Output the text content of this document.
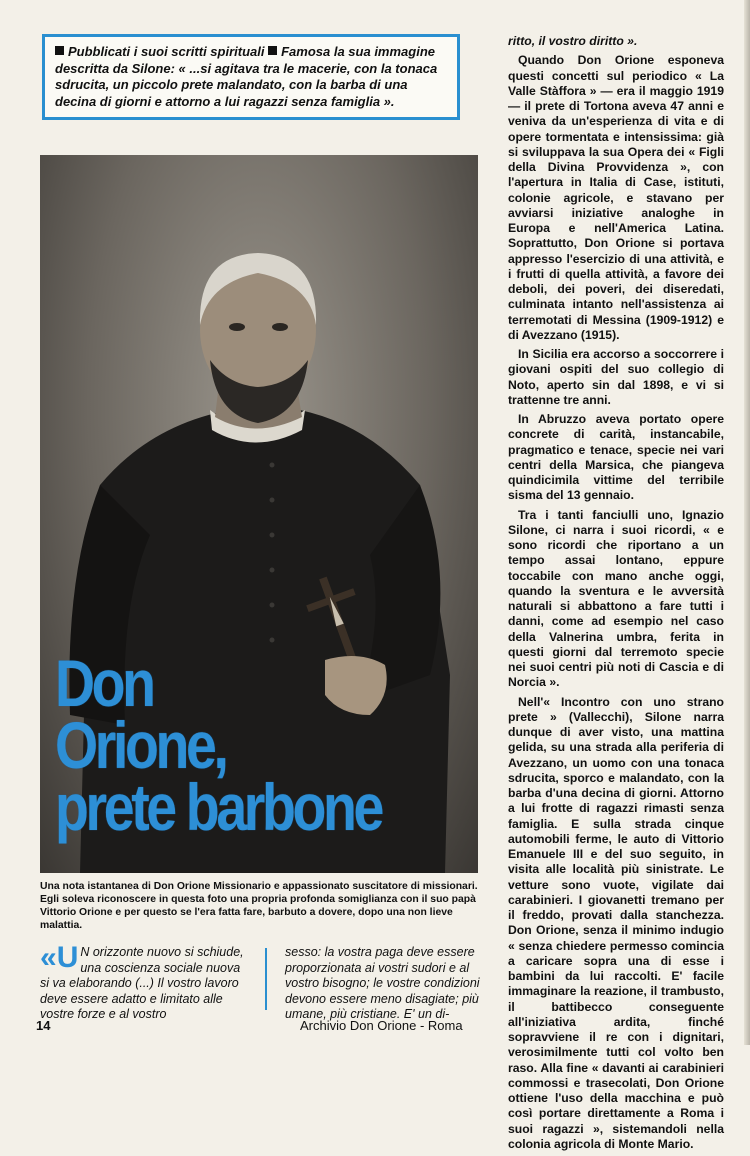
Pubblicati i suoi scritti spirituali Famosa la sua immagine descritta da Silone: « ...si agitava tra le macerie, con la tonaca sdrucita, un piccolo prete malandato, con la barba di una decina di giorni e attorno a lui ragazzi senza famiglia ».
Don
Orione,
prete barbone
Una nota istantanea di Don Orione Missionario e appassionato suscitatore di missionari. Egli soleva riconoscere in questa foto una propria profonda somiglianza con il suo papà Vittorio Orione e per questo se l'era fatta fare, barbuto a dovere, dopo una non lieve malattia.
«U N orizzonte nuovo si schiude, una coscienza sociale nuova si va elaborando (...) Il vostro lavoro deve essere adatto e limitato alle vostre forze e al vostro
sesso: la vostra paga deve essere proporzionata ai vostri sudori e al vostro bisogno; le vostre condizioni devono essere meno disagiate; più umane, più cristiane. E' un di-

ritto, il vostro diritto ».

Quando Don Orione esponeva questi concetti sul periodico « La Valle Stàffora » — era il maggio 1919 — il prete di Tortona aveva 47 anni e veniva da un'esperienza di vita e di opere tormentata e intensissima: già si sviluppava la sua Opera dei « Figli della Divina Provvidenza », con l'apertura in Italia di Case, istituti, colonie agricole, e stavano per avviarsi iniziative analoghe in Europa e nell'America Latina. Soprattutto, Don Orione si portava appresso l'esercizio di una attività, e i frutti di quella attività, a favore dei deboli, dei poveri, dei diseredati, culminata intanto nell'assistenza ai terremotati di Messina (1909-1912) e di Avezzano (1915).

In Sicilia era accorso a soccorrere i giovani ospiti del suo collegio di Noto, aperto sin dal 1898, e vi si trattenne tre anni.

In Abruzzo aveva portato opere concrete di carità, instancabile, pragmatico e tenace, specie nei vari centri della Marsica, che piangeva quindicimila vittime del terribile sisma del 13 gennaio.

Tra i tanti fanciulli uno, Ignazio Silone, ci narra i suoi ricordi, « e sono ricordi che riportano a un tempo assai lontano, eppure toccabile con mano anche oggi, quando la sventura e le avversità naturali si abbattono a fare tutti i danni, come ad esempio nel caso della Valnerina umbra, ferita in questi giorni dal terremoto specie nei suoi centri più noti di Cascia e di Norcia ».

Nell'« Incontro con uno strano prete » (Vallecchi), Silone narra dunque di aver visto, una mattina gelida, su una strada alla periferia di Avezzano, un uomo con una tonaca sdrucita, sporco e malandato, con la barba d'una decina di giorni. Attorno a lui frotte di ragazzi rimasti senza famiglia. E sulla strada cinque automobili ferme, le auto di Vittorio Emanuele III e del suo seguito, in visita alle località più sinistrate. Le vetture sono vuote, vigilate dai carabinieri. I giovanetti tremano per il freddo, provati dalla stanchezza. Don Orione, senza il minimo indugio « senza chiedere permesso comincia a caricare sopra una di esse i bambini da lui raccolti. E' facile immaginare la reazione, il trambusto, il battibecco conseguente all'iniziativa ardita, finché sopravviene il re con i dignitari, verosimilmente tutti col volto ben raso. Alla fine « davanti ai carabinieri commossi e trasecolati, Don Orione ottiene l'uso della macchina e può così portare direttamente a Roma i suoi ragazzi », sistemandoli nella colonia agricola di Monte Mario.

14	Archivio Don Orione - Roma
